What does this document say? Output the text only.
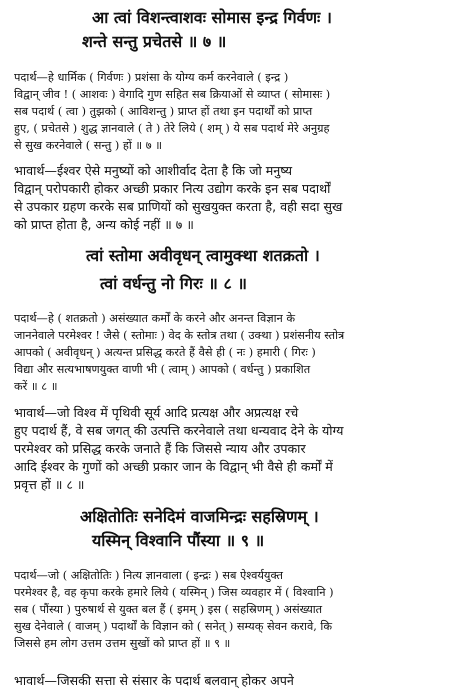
आ त्वां विशन्त्वाशवः सोमास इन्द्र गिर्वणः ।
शन्ते सन्तु प्रचेतसे ॥ ७ ॥
पदार्थ—हे धार्मिक ( गिर्वणः ) प्रशंसा के योग्य कर्म करनेवाले ( इन्द्र )
विद्वान् जीव ! ( आशवः ) वेगादि गुण सहित सब क्रियाओं से व्याप्त ( सोमासः )
सब पदार्थ ( त्वा ) तुझको ( आविशन्तु ) प्राप्त हों तथा इन पदार्थों को प्राप्त
हुए, ( प्रचेतसे ) शुद्ध ज्ञानवाले ( ते ) तेरे लिये ( शम् ) ये सब पदार्थ मेरे अनुग्रह
से सुख करनेवाले ( सन्तु ) हों ॥ ७ ॥
भावार्थ—ईश्वर ऐसे मनुष्यों को आशीर्वाद देता है कि जो मनुष्य
विद्वान् परोपकारी होकर अच्छी प्रकार नित्य उद्योग करके इन सब पदार्थों
से उपकार ग्रहण करके सब प्राणियों को सुखयुक्त करता है, वही सदा सुख
को प्राप्त होता है, अन्य कोई नहीं ॥ ७ ॥
त्वां स्तोमा अवीवृधन् त्वामुक्था शतक्रतो ।
त्वां वर्धन्तु नो गिरः ॥ ८ ॥
पदार्थ—हे ( शतक्रतो ) असंख्यात कर्मों के करने और अनन्त विज्ञान के
जाननेवाले परमेश्वर ! जैसे ( स्तोमाः ) वेद के स्तोत्र तथा ( उक्था ) प्रशंसनीय स्तोत्र
आपको ( अवीवृधन् ) अत्यन्त प्रसिद्ध करते हैं वैसे ही ( नः ) हमारी ( गिरः )
विद्या और सत्यभाषणयुक्त वाणी भी ( त्वाम् ) आपको ( वर्धन्तु ) प्रकाशित
करें ॥ ८ ॥
भावार्थ—जो विश्व में पृथिवी सूर्य आदि प्रत्यक्ष और अप्रत्यक्ष रचे
हुए पदार्थ हैं, वे सब जगत् की उत्पत्ति करनेवाले तथा धन्यवाद देने के योग्य
परमेश्वर को प्रसिद्ध करके जनाते हैं कि जिससे न्याय और उपकार
आदि ईश्वर के गुणों को अच्छी प्रकार जान के विद्वान् भी वैसे ही कर्मों में
प्रवृत्त हों ॥ ८ ॥
अक्षितोतिः सनेदिमं वाजमिन्द्रः सहस्रिणम् ।
यस्मिन् विश्वानि पौंस्या ॥ ९ ॥
पदार्थ—जो ( अक्षितोतिः ) नित्य ज्ञानवाला ( इन्द्रः ) सब ऐश्वर्ययुक्त
परमेश्वर है, वह कृपा करके हमारे लिये ( यस्मिन् ) जिस व्यवहार में ( विश्वानि )
सब ( पौंस्या ) पुरुषार्थ से युक्त बल हैं ( इमम् ) इस ( सहस्रिणम् ) असंख्यात
सुख देनेवाले ( वाजम् ) पदार्थों के विज्ञान को ( सनेत् ) सम्यक् सेवन करावे, कि
जिससे हम लोग उत्तम उत्तम सुखों को प्राप्त हों ॥ ९ ॥
भावार्थ—जिसकी सत्ता से संसार के पदार्थ बलवान् होकर अपने
